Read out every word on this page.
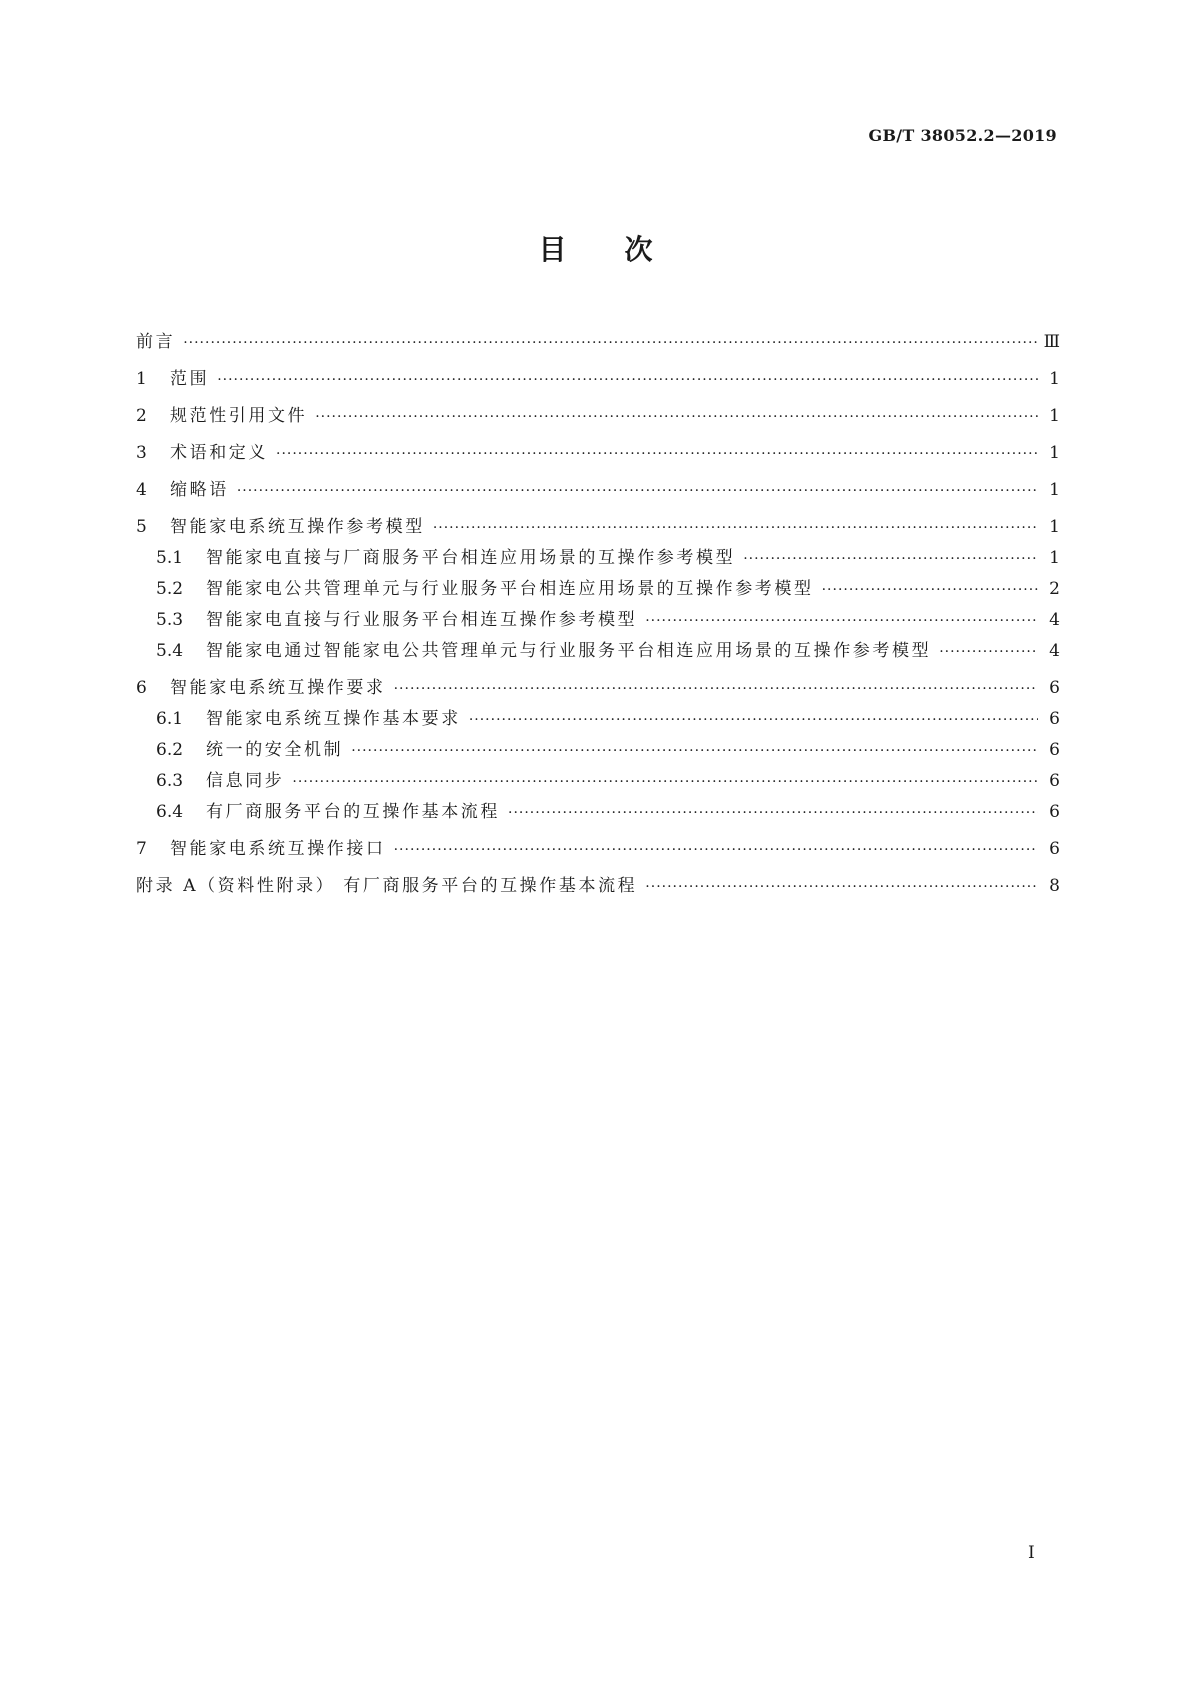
GB/T 38052.2—2019
目 次
前言 ·····	Ⅲ
1	范围 ·····	1
2	规范性引用文件 ·····	1
3	术语和定义 ·····	1
4	缩略语 ·····	1
5	智能家电系统互操作参考模型 ·····	1
5.1	智能家电直接与厂商服务平台相连应用场景的互操作参考模型 ·····	1
5.2	智能家电公共管理单元与行业服务平台相连应用场景的互操作参考模型 ·····	2
5.3	智能家电直接与行业服务平台相连互操作参考模型 ·····	4
5.4	智能家电通过智能家电公共管理单元与行业服务平台相连应用场景的互操作参考模型 ·····	4
6	智能家电系统互操作要求 ·····	6
6.1	智能家电系统互操作基本要求 ·····	6
6.2	统一的安全机制 ·····	6
6.3	信息同步 ·····	6
6.4	有厂商服务平台的互操作基本流程 ·····	6
7	智能家电系统互操作接口 ·····	6
附录 A（资料性附录） 有厂商服务平台的互操作基本流程 ·····	8
I
